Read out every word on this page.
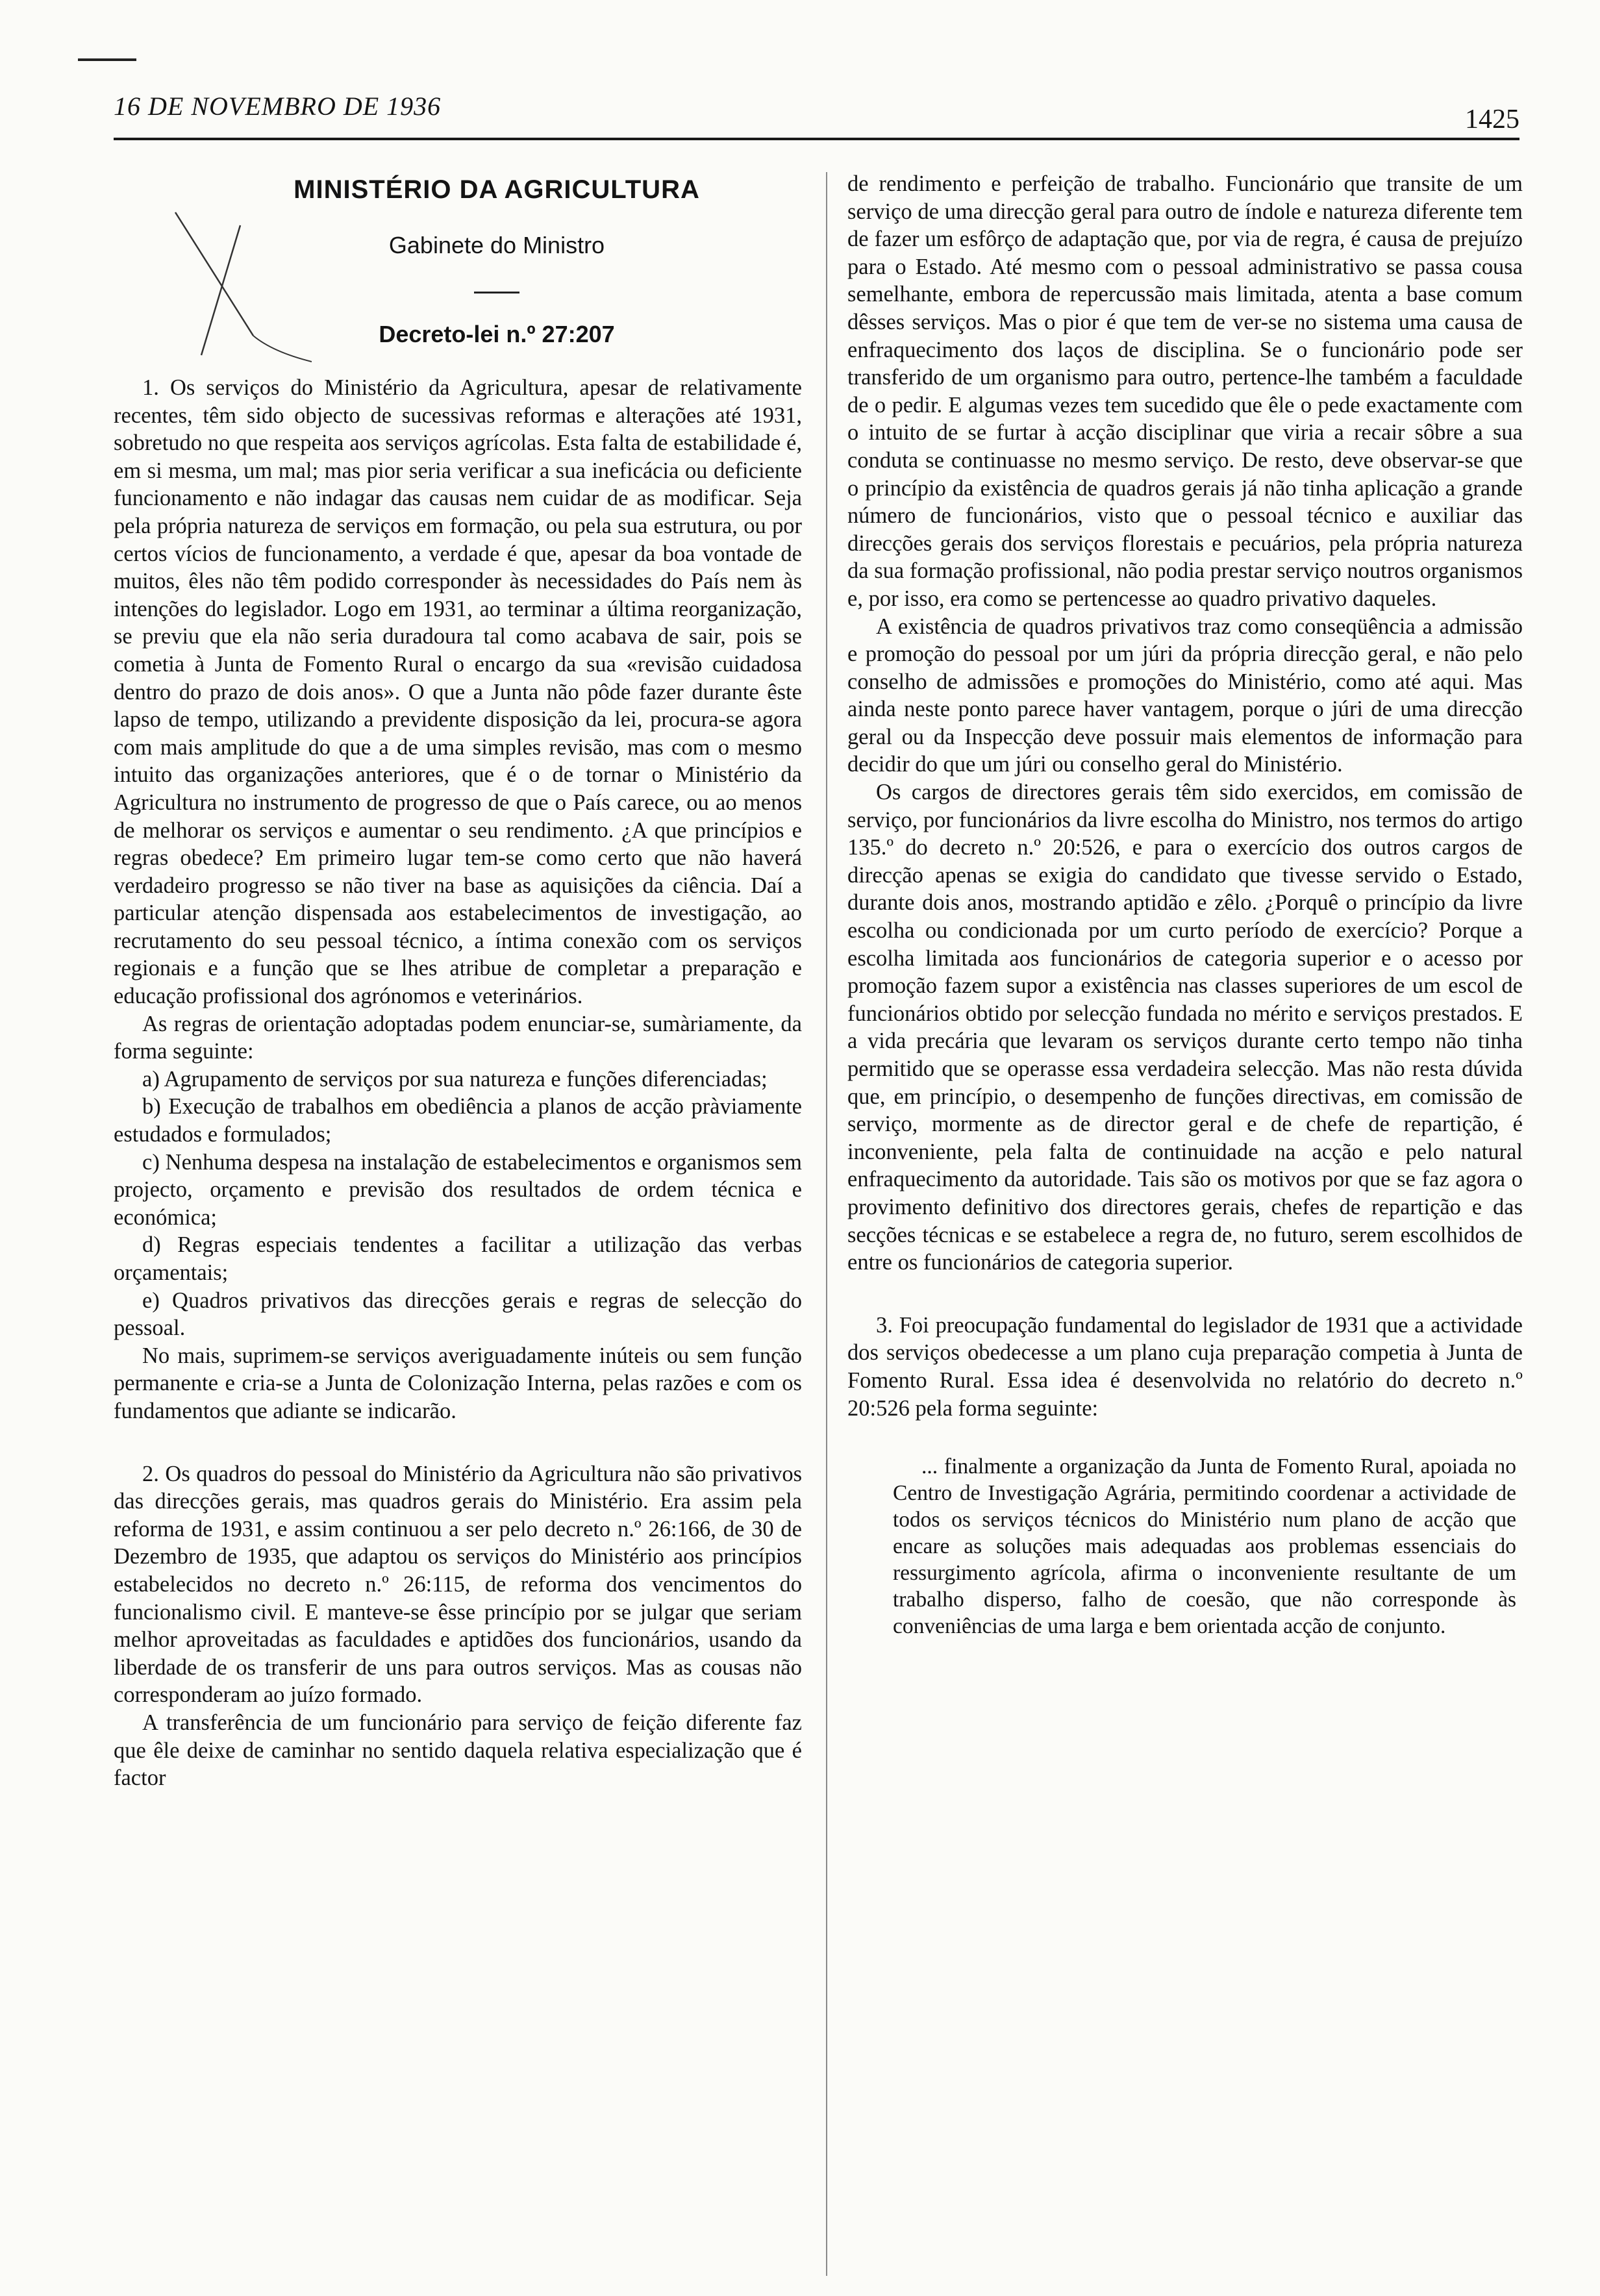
16 DE NOVEMBRO DE 1936	1425
MINISTÉRIO DA AGRICULTURA
Gabinete do Ministro
Decreto-lei n.º 27:207

1. Os serviços do Ministério da Agricultura, apesar de relativamente recentes, têm sido objecto de sucessivas reformas e alterações até 1931, sobretudo no que respeita aos serviços agrícolas. Esta falta de estabilidade é, em si mesma, um mal; mas pior seria verificar a sua ineficácia ou deficiente funcionamento e não indagar das causas nem cuidar de as modificar. Seja pela própria natureza de serviços em formação, ou pela sua estrutura, ou por certos vícios de funcionamento, a verdade é que, apesar da boa vontade de muitos, êles não têm podido corresponder às necessidades do País nem às intenções do legislador. Logo em 1931, ao terminar a última reorganização, se previu que ela não seria duradoura tal como acabava de sair, pois se cometia à Junta de Fomento Rural o encargo da sua «revisão cuidadosa dentro do prazo de dois anos». O que a Junta não pôde fazer durante êste lapso de tempo, utilizando a previdente disposição da lei, procura-se agora com mais amplitude do que a de uma simples revisão, mas com o mesmo intuito das organizações anteriores, que é o de tornar o Ministério da Agricultura no instrumento de progresso de que o País carece, ou ao menos de melhorar os serviços e aumentar o seu rendimento. ¿A que princípios e regras obedece? Em primeiro lugar tem-se como certo que não haverá verdadeiro progresso se não tiver na base as aquisições da ciência. Daí a particular atenção dispensada aos estabelecimentos de investigação, ao recrutamento do seu pessoal técnico, a íntima conexão com os serviços regionais e a função que se lhes atribue de completar a preparação e educação profissional dos agrónomos e veterinários.

As regras de orientação adoptadas podem enunciar-se, sumàriamente, da forma seguinte:

a) Agrupamento de serviços por sua natureza e funções diferenciadas;

b) Execução de trabalhos em obediência a planos de acção pràviamente estudados e formulados;

c) Nenhuma despesa na instalação de estabelecimentos e organismos sem projecto, orçamento e previsão dos resultados de ordem técnica e económica;

d) Regras especiais tendentes a facilitar a utilização das verbas orçamentais;

e) Quadros privativos das direcções gerais e regras de selecção do pessoal.

No mais, suprimem-se serviços averiguadamente inúteis ou sem função permanente e cria-se a Junta de Colonização Interna, pelas razões e com os fundamentos que adiante se indicarão.

2. Os quadros do pessoal do Ministério da Agricultura não são privativos das direcções gerais, mas quadros gerais do Ministério. Era assim pela reforma de 1931, e assim continuou a ser pelo decreto n.º 26:166, de 30 de Dezembro de 1935, que adaptou os serviços do Ministério aos princípios estabelecidos no decreto n.º 26:115, de reforma dos vencimentos do funcionalismo civil. E manteve-se êsse princípio por se julgar que seriam melhor aproveitadas as faculdades e aptidões dos funcionários, usando da liberdade de os transferir de uns para outros serviços. Mas as cousas não corresponderam ao juízo formado.

A transferência de um funcionário para serviço de feição diferente faz que êle deixe de caminhar no sentido daquela relativa especialização que é factor

de rendimento e perfeição de trabalho. Funcionário que transite de um serviço de uma direcção geral para outro de índole e natureza diferente tem de fazer um esfôrço de adaptação que, por via de regra, é causa de prejuízo para o Estado. Até mesmo com o pessoal administrativo se passa cousa semelhante, embora de repercussão mais limitada, atenta a base comum dêsses serviços. Mas o pior é que tem de ver-se no sistema uma causa de enfraquecimento dos laços de disciplina. Se o funcionário pode ser transferido de um organismo para outro, pertence-lhe também a faculdade de o pedir. E algumas vezes tem sucedido que êle o pede exactamente com o intuito de se furtar à acção disciplinar que viria a recair sôbre a sua conduta se continuasse no mesmo serviço. De resto, deve observar-se que o princípio da existência de quadros gerais já não tinha aplicação a grande número de funcionários, visto que o pessoal técnico e auxiliar das direcções gerais dos serviços florestais e pecuários, pela própria natureza da sua formação profissional, não podia prestar serviço noutros organismos e, por isso, era como se pertencesse ao quadro privativo daqueles.

A existência de quadros privativos traz como conseqüência a admissão e promoção do pessoal por um júri da própria direcção geral, e não pelo conselho de admissões e promoções do Ministério, como até aqui. Mas ainda neste ponto parece haver vantagem, porque o júri de uma direcção geral ou da Inspecção deve possuir mais elementos de informação para decidir do que um júri ou conselho geral do Ministério.

Os cargos de directores gerais têm sido exercidos, em comissão de serviço, por funcionários da livre escolha do Ministro, nos termos do artigo 135.º do decreto n.º 20:526, e para o exercício dos outros cargos de direcção apenas se exigia do candidato que tivesse servido o Estado, durante dois anos, mostrando aptidão e zêlo. ¿Porquê o princípio da livre escolha ou condicionada por um curto período de exercício? Porque a escolha limitada aos funcionários de categoria superior e o acesso por promoção fazem supor a existência nas classes superiores de um escol de funcionários obtido por selecção fundada no mérito e serviços prestados. E a vida precária que levaram os serviços durante certo tempo não tinha permitido que se operasse essa verdadeira selecção. Mas não resta dúvida que, em princípio, o desempenho de funções directivas, em comissão de serviço, mormente as de director geral e de chefe de repartição, é inconveniente, pela falta de continuidade na acção e pelo natural enfraquecimento da autoridade. Tais são os motivos por que se faz agora o provimento definitivo dos directores gerais, chefes de repartição e das secções técnicas e se estabelece a regra de, no futuro, serem escolhidos de entre os funcionários de categoria superior.

3. Foi preocupação fundamental do legislador de 1931 que a actividade dos serviços obedecesse a um plano cuja preparação competia à Junta de Fomento Rural. Essa idea é desenvolvida no relatório do decreto n.º 20:526 pela forma seguinte:

... finalmente a organização da Junta de Fomento Rural, apoiada no Centro de Investigação Agrária, permitindo coordenar a actividade de todos os serviços técnicos do Ministério num plano de acção que encare as soluções mais adequadas aos problemas essenciais do ressurgimento agrícola, afirma o inconveniente resultante de um trabalho disperso, falho de coesão, que não corresponde às conveniências de uma larga e bem orientada acção de conjunto.
